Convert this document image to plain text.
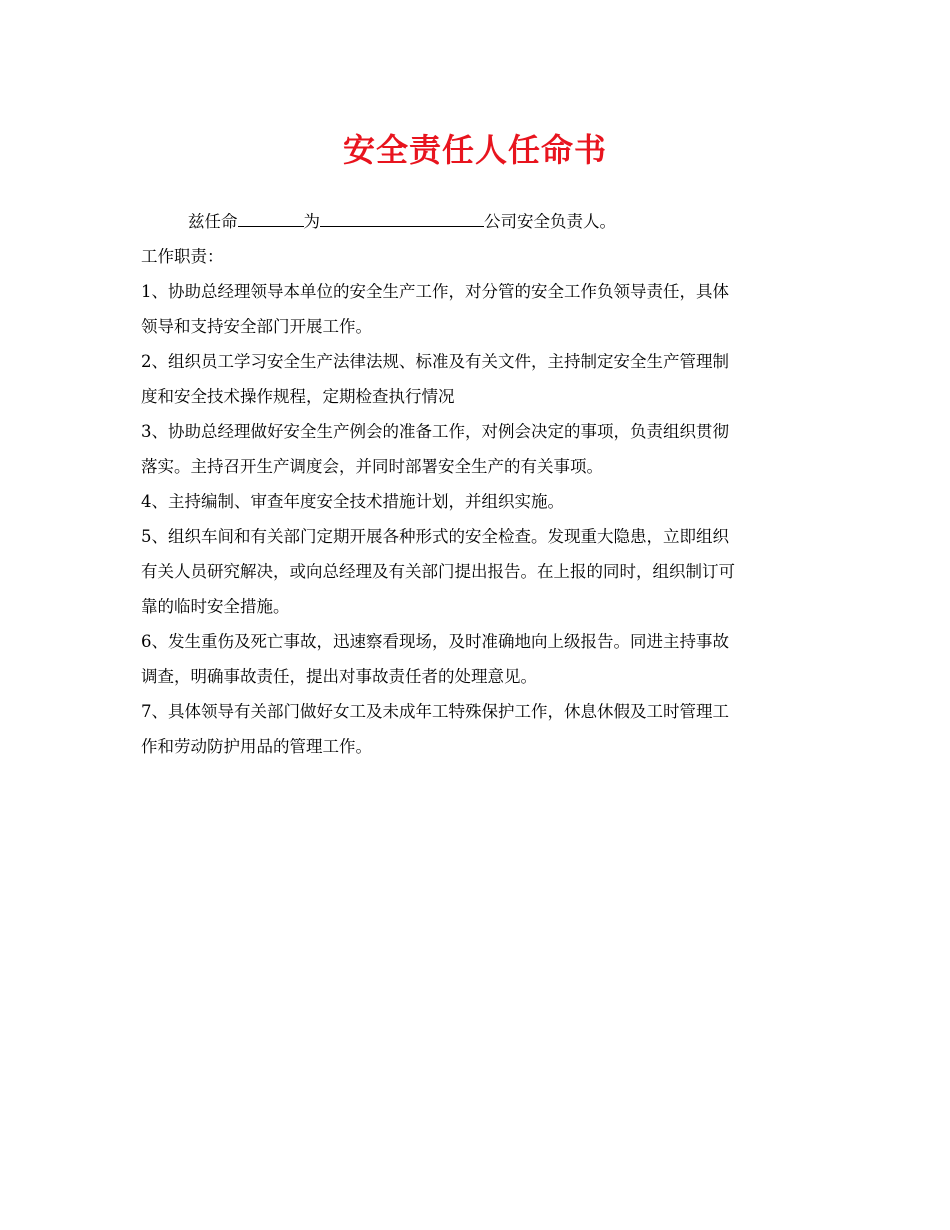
安全责任人任命书
兹任命	为	公司安全负责人。
工作职责：
1、协助总经理领导本单位的安全生产工作，对分管的安全工作负领导责任，具体
领导和支持安全部门开展工作。
2、组织员工学习安全生产法律法规、标准及有关文件，主持制定安全生产管理制
度和安全技术操作规程，定期检查执行情况
3、协助总经理做好安全生产例会的准备工作，对例会决定的事项，负责组织贯彻
落实。主持召开生产调度会，并同时部署安全生产的有关事项。
4、主持编制、审查年度安全技术措施计划，并组织实施。
5、组织车间和有关部门定期开展各种形式的安全检查。发现重大隐患，立即组织
有关人员研究解决，或向总经理及有关部门提出报告。在上报的同时，组织制订可
靠的临时安全措施。
6、发生重伤及死亡事故，迅速察看现场，及时准确地向上级报告。同进主持事故
调查，明确事故责任，提出对事故责任者的处理意见。
7、具体领导有关部门做好女工及未成年工特殊保护工作，休息休假及工时管理工
作和劳动防护用品的管理工作。
